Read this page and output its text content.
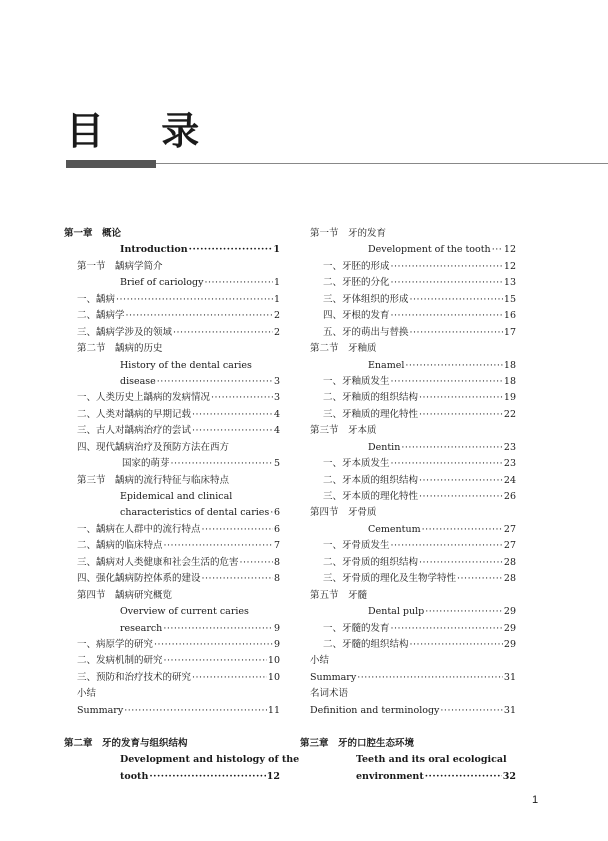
目 录
第一章　概论
Introduction ·····	1
第一节　龋病学简介
Brief of cariology ·····	1
一、龋病 ·····	1
二、龋病学 ·····	2
三、龋病学涉及的领域 ·····	2
第二节　龋病的历史
History of the dental caries
disease ·····	3
一、人类历史上龋病的发病情况 ·····	3
二、人类对龋病的早期记载 ·····	4
三、古人对龋病治疗的尝试 ·····	4
四、现代龋病治疗及预防方法在西方
国家的萌芽 ·····	5
第三节　龋病的流行特征与临床特点
Epidemical and clinical
characteristics of dental caries ····· 6
一、龋病在人群中的流行特点 ·····	6
二、龋病的临床特点 ·····	7
三、龋病对人类健康和社会生活的危害 ·····	8
四、强化龋病防控体系的建设 ·····	8
第四节　龋病研究概览
Overview of current caries
research ·····	9
一、病原学的研究 ·····	9
二、发病机制的研究 ·····	10
三、预防和治疗技术的研究 ·····	10
小结
Summary ·····	11
第一节　牙的发育
Development of the tooth ····· 12
一、牙胚的形成 ·····	12
二、牙胚的分化 ·····	13
三、牙体组织的形成 ·····	15
四、牙根的发育 ·····	16
五、牙的萌出与替换 ·····	17
第二节　牙釉质
Enamel ·····	18
一、牙釉质发生 ·····	18
二、牙釉质的组织结构 ·····	19
三、牙釉质的理化特性 ·····	22
第三节　牙本质
Dentin ·····	23
一、牙本质发生 ·····	23
二、牙本质的组织结构 ·····	24
三、牙本质的理化特性 ·····	26
第四节　牙骨质
Cementum ·····	27
一、牙骨质发生 ·····	27
二、牙骨质的组织结构 ·····	28
三、牙骨质的理化及生物学特性 ·····	28
第五节　牙髓
Dental pulp ·····	29
一、牙髓的发育 ·····	29
二、牙髓的组织结构 ·····	29
小结
Summary ·····	31
名词术语
Definition and terminology ·····	31
第二章　牙的发育与组织结构
Development and histology of the
tooth ·····	12
第三章　牙的口腔生态环境
Teeth and its oral ecological
environment ·····	32
1
